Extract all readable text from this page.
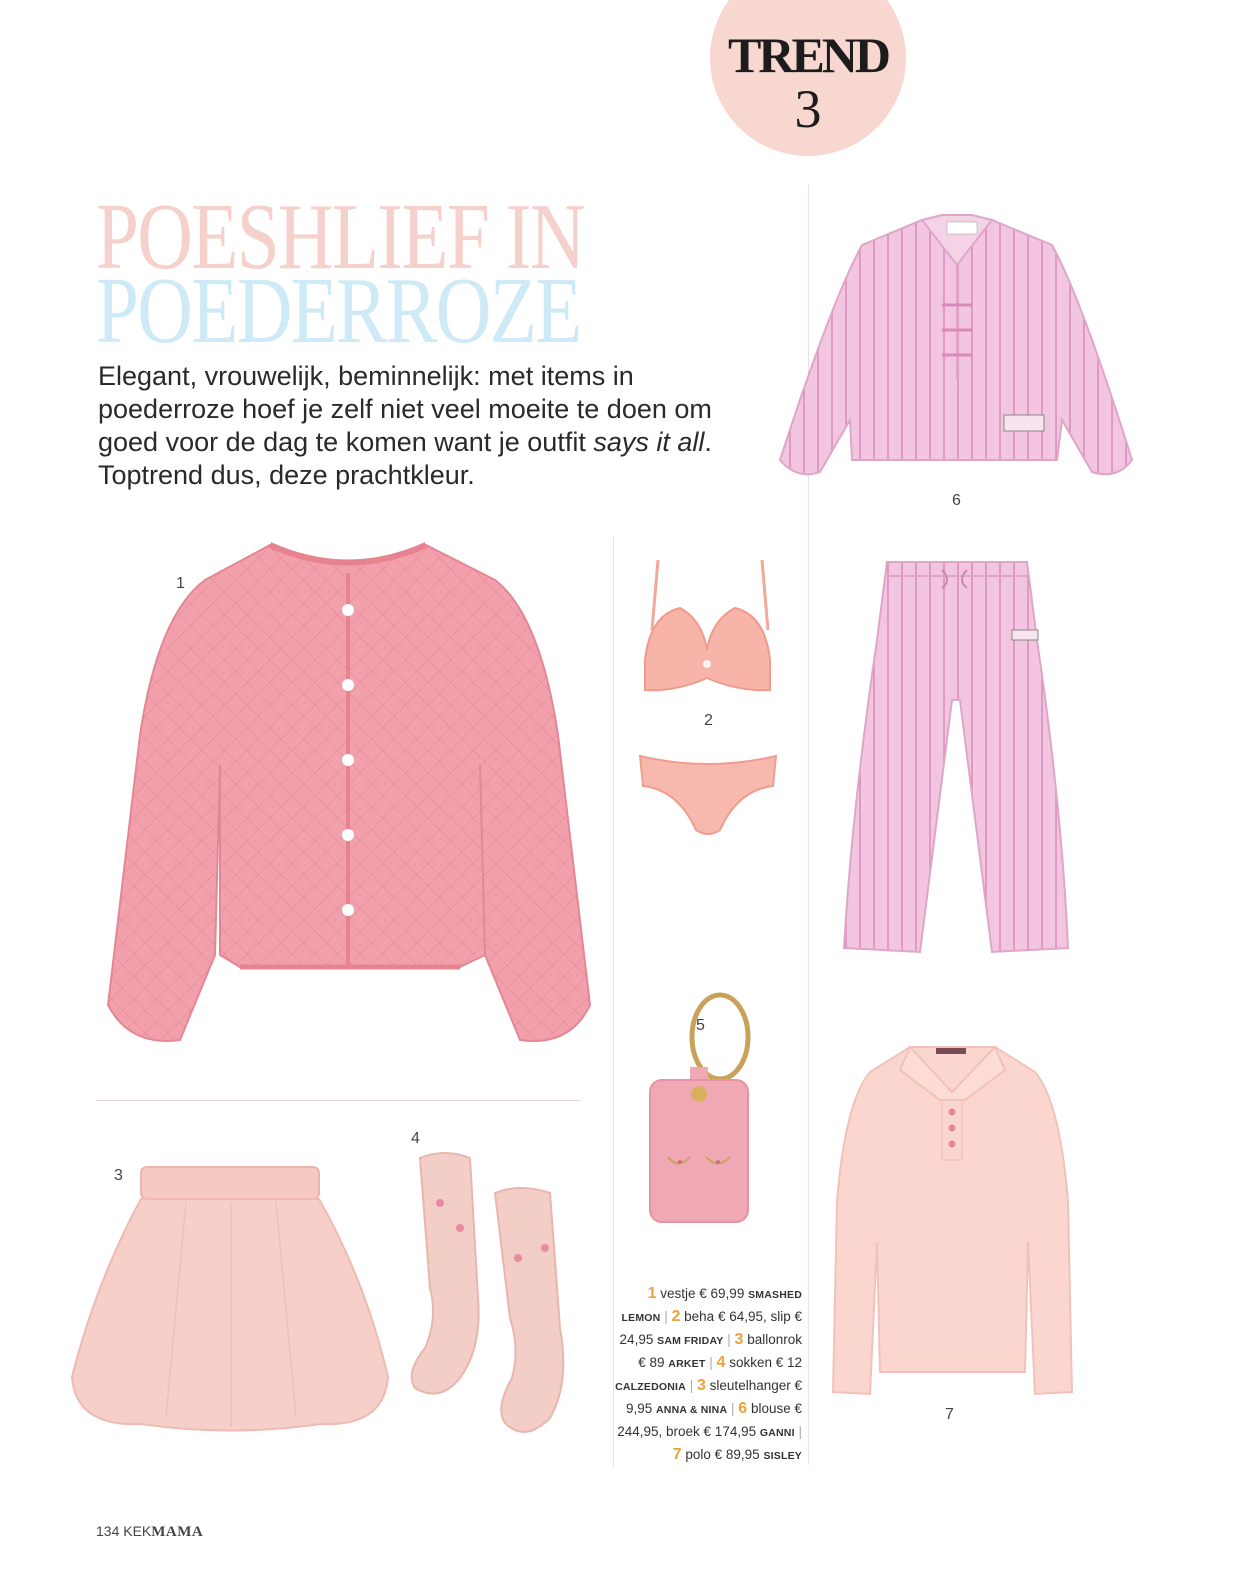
TREND
3
POESHLIEF IN
POEDERROZE
Elegant, vrouwelijk, beminnelijk: met items in poederroze hoef je zelf niet veel moeite te doen om goed voor de dag te komen want je outfit says it all. Toptrend dus, deze prachtkleur.
1
2
3
4
5
6
7
1 vestje € 69,99 SMASHED LEMON | 2 beha € 64,95, slip € 24,95 SAM FRIDAY | 3 ballonrok € 89 ARKET | 4 sokken € 12 CALZEDONIA | 3 sleutelhanger € 9,95 ANNA & NINA | 6 blouse € 244,95, broek € 174,95 GANNI | 7 polo € 89,95 SISLEY
134 KEKMAMA
